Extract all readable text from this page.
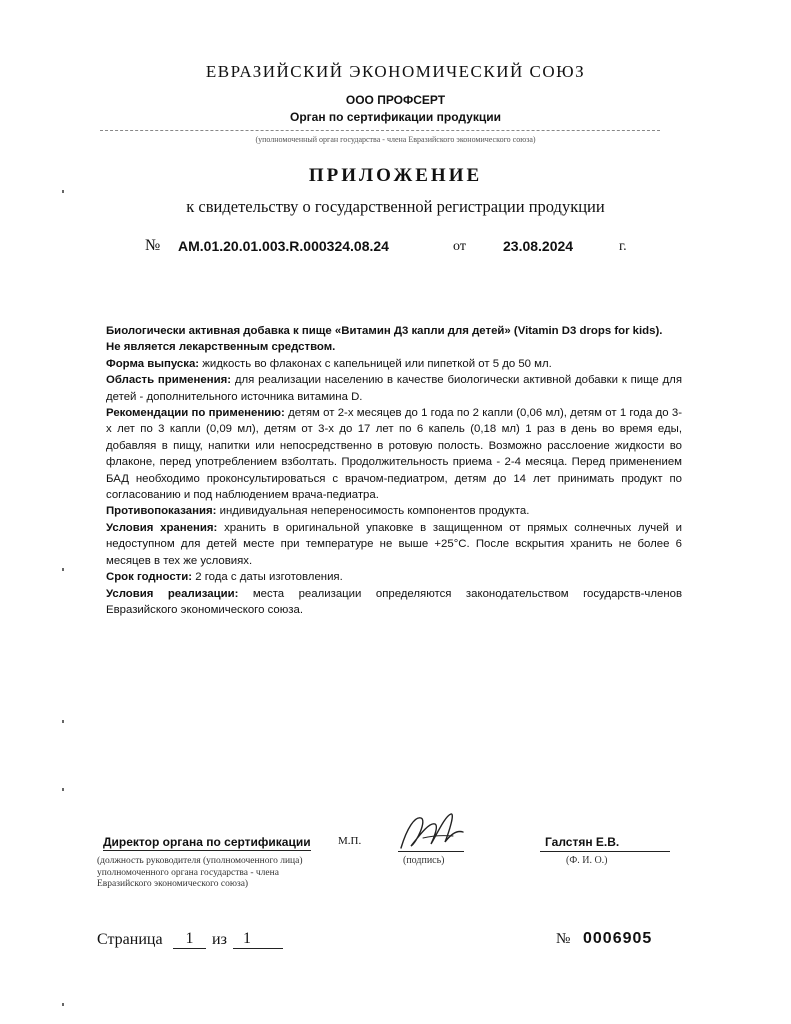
ЕВРАЗИЙСКИЙ ЭКОНОМИЧЕСКИЙ СОЮЗ
ООО ПРОФСЕРТ
Орган по сертификации продукции
(уполномоченный орган государства - члена Евразийского экономического союза)
ПРИЛОЖЕНИЕ
к свидетельству о государственной регистрации продукции
№ AM.01.20.01.003.R.000324.08.24	от	23.08.2024	г.

Биологически активная добавка к пище «Витамин Д3 капли для детей» (Vitamin D3 drops for kids).

Не является лекарственным средством.

Форма выпуска: жидкость во флаконах с капельницей или пипеткой от 5 до 50 мл.

Область применения: для реализации населению в качестве биологически активной добавки к пище для детей - дополнительного источника витамина D.

Рекомендации по применению: детям от 2-х месяцев до 1 года по 2 капли (0,06 мл), детям от 1 года до 3-х лет по 3 капли (0,09 мл), детям от 3-х до 17 лет по 6 капель (0,18 мл) 1 раз в день во время еды, добавляя в пищу, напитки или непосредственно в ротовую полость. Возможно расслоение жидкости во флаконе, перед употреблением взболтать. Продолжительность приема - 2-4 месяца. Перед применением БАД необходимо проконсультироваться с врачом-педиатром, детям до 14 лет принимать продукт по согласованию и под наблюдением врача-педиатра.

Противопоказания: индивидуальная непереносимость компонентов продукта.

Условия хранения: хранить в оригинальной упаковке в защищенном от прямых солнечных лучей и недоступном для детей месте при температуре не выше +25°С. После вскрытия хранить не более 6 месяцев в тех же условиях.

Срок годности: 2 года с даты изготовления.

Условия реализации: места реализации определяются законодательством государств-членов Евразийского экономического союза.

Директор органа по сертификации М.П.	Галстян Е.В.
(должность руководителя (уполномоченного лица) уполномоченного органа государства - члена Евразийского экономического союза)
(подпись)	(Ф. И. О.)
Страница	1	из	1	№ 0006905
